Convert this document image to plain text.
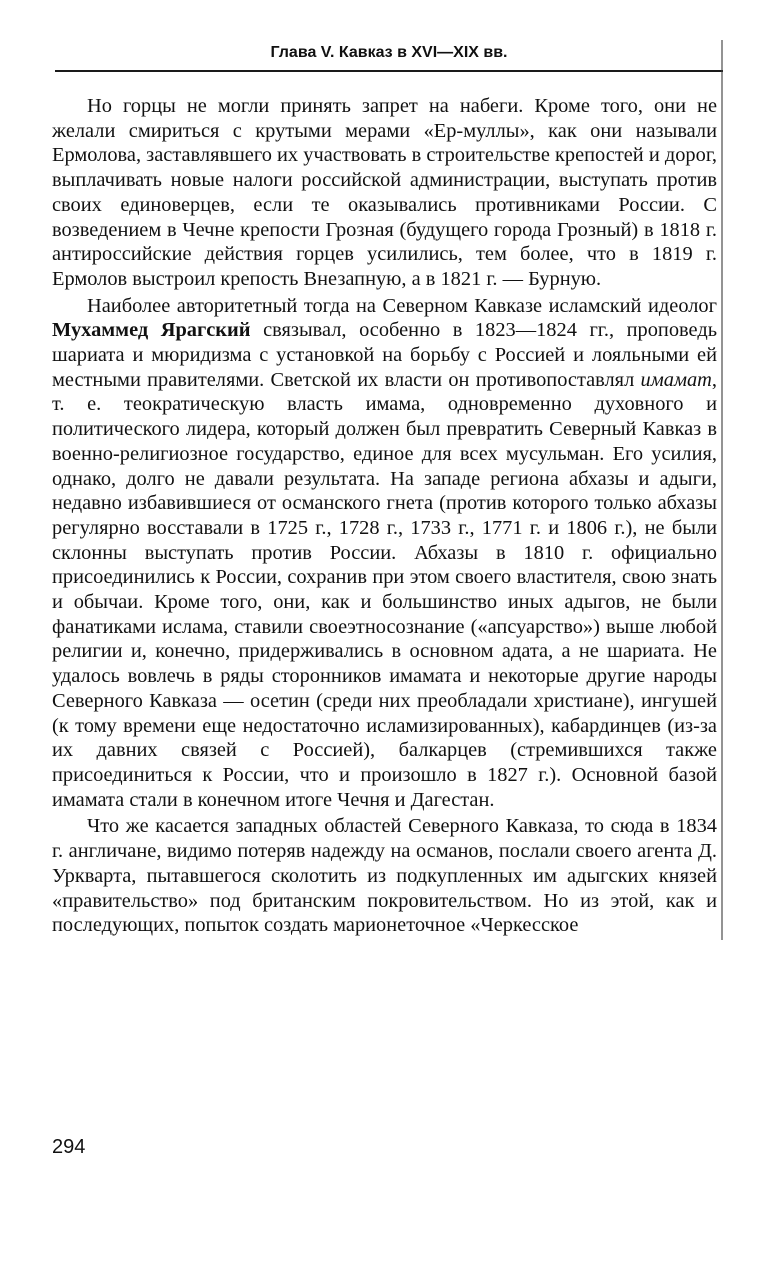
Глава V. Кавказ в XVI—XIX вв.

Но горцы не могли принять запрет на набеги. Кроме того, они не желали смириться с крутыми мерами «Ер-муллы», как они называли Ермолова, заставлявшего их участвовать в строительстве крепостей и дорог, выплачивать новые налоги российской администрации, выступать против своих единоверцев, если те оказывались противниками России. С возведением в Чечне крепости Грозная (будущего города Грозный) в 1818 г. антироссийские действия горцев усилились, тем более, что в 1819 г. Ермолов выстроил крепость Внезапную, а в 1821 г. — Бурную.

Наиболее авторитетный тогда на Северном Кавказе исламский идеолог Мухаммед Ярагский связывал, особенно в 1823—1824 гг., проповедь шариата и мюридизма с установкой на борьбу с Россией и лояльными ей местными правителями. Светской их власти он противопоставлял имамат, т. е. теократическую власть имама, одновременно духовного и политического лидера, который должен был превратить Северный Кавказ в военно-религиозное государство, единое для всех мусульман. Его усилия, однако, долго не давали результата. На западе региона абхазы и адыги, недавно избавившиеся от османского гнета (против которого только абхазы регулярно восставали в 1725 г., 1728 г., 1733 г., 1771 г. и 1806 г.), не были склонны выступать против России. Абхазы в 1810 г. официально присоединились к России, сохранив при этом своего властителя, свою знать и обычаи. Кроме того, они, как и большинство иных адыгов, не были фанатиками ислама, ставили своеэтносознание («апсуарство») выше любой религии и, конечно, придерживались в основном адата, а не шариата. Не удалось вовлечь в ряды сторонников имамата и некоторые другие народы Северного Кавказа — осетин (среди них преобладали христиане), ингушей (к тому времени еще недостаточно исламизированных), кабардинцев (из-за их давних связей с Россией), балкарцев (стремившихся также присоединиться к России, что и произошло в 1827 г.). Основной базой имамата стали в конечном итоге Чечня и Дагестан.

Что же касается западных областей Северного Кавказа, то сюда в 1834 г. англичане, видимо потеряв надежду на османов, послали своего агента Д. Уркварта, пытавшегося сколотить из подкупленных им адыгских князей «правительство» под британским покровительством. Но из этой, как и последующих, попыток создать марионеточное «Черкесское

294
